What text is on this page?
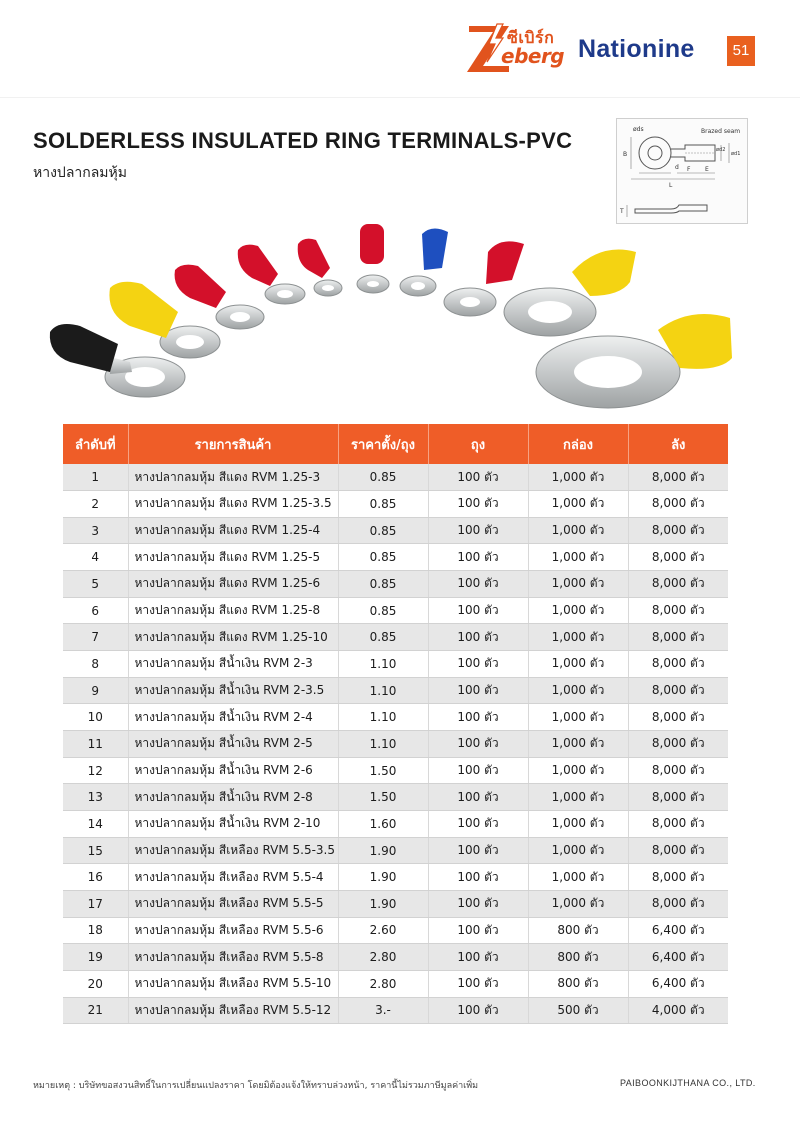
ซีเบิร์ก
eberg Nationine	51
SOLDERLESS INSULATED RING TERMINALS-PVC
หางปลากลมหุ้ม
øds	Brazed seam
B
d
ød2
ød1
F E
L
T
ลำดับที่	รายการสินค้า	ราคาตั้ง/ถุง	ถุง	กล่อง	ลัง
1	หางปลากลมหุ้ม สีแดง RVM 1.25-3	0.85	100 ตัว	1,000 ตัว	8,000 ตัว
2	หางปลากลมหุ้ม สีแดง RVM 1.25-3.5	0.85	100 ตัว	1,000 ตัว	8,000 ตัว
3	หางปลากลมหุ้ม สีแดง RVM 1.25-4	0.85	100 ตัว	1,000 ตัว	8,000 ตัว
4	หางปลากลมหุ้ม สีแดง RVM 1.25-5	0.85	100 ตัว	1,000 ตัว	8,000 ตัว
5	หางปลากลมหุ้ม สีแดง RVM 1.25-6	0.85	100 ตัว	1,000 ตัว	8,000 ตัว
6	หางปลากลมหุ้ม สีแดง RVM 1.25-8	0.85	100 ตัว	1,000 ตัว	8,000 ตัว
7	หางปลากลมหุ้ม สีแดง RVM 1.25-10	0.85	100 ตัว	1,000 ตัว	8,000 ตัว
8	หางปลากลมหุ้ม สีน้ำเงิน RVM 2-3	1.10	100 ตัว	1,000 ตัว	8,000 ตัว
9	หางปลากลมหุ้ม สีน้ำเงิน RVM 2-3.5	1.10	100 ตัว	1,000 ตัว	8,000 ตัว
10	หางปลากลมหุ้ม สีน้ำเงิน RVM 2-4	1.10	100 ตัว	1,000 ตัว	8,000 ตัว
11	หางปลากลมหุ้ม สีน้ำเงิน RVM 2-5	1.10	100 ตัว	1,000 ตัว	8,000 ตัว
12	หางปลากลมหุ้ม สีน้ำเงิน RVM 2-6	1.50	100 ตัว	1,000 ตัว	8,000 ตัว
13	หางปลากลมหุ้ม สีน้ำเงิน RVM 2-8	1.50	100 ตัว	1,000 ตัว	8,000 ตัว
14	หางปลากลมหุ้ม สีน้ำเงิน RVM 2-10	1.60	100 ตัว	1,000 ตัว	8,000 ตัว
15	หางปลากลมหุ้ม สีเหลือง RVM 5.5-3.5	1.90	100 ตัว	1,000 ตัว	8,000 ตัว
16	หางปลากลมหุ้ม สีเหลือง RVM 5.5-4	1.90	100 ตัว	1,000 ตัว	8,000 ตัว
17	หางปลากลมหุ้ม สีเหลือง RVM 5.5-5	1.90	100 ตัว	1,000 ตัว	8,000 ตัว
18	หางปลากลมหุ้ม สีเหลือง RVM 5.5-6	2.60	100 ตัว	800 ตัว	6,400 ตัว
19	หางปลากลมหุ้ม สีเหลือง RVM 5.5-8	2.80	100 ตัว	800 ตัว	6,400 ตัว
20	หางปลากลมหุ้ม สีเหลือง RVM 5.5-10	2.80	100 ตัว	800 ตัว	6,400 ตัว
21	หางปลากลมหุ้ม สีเหลือง RVM 5.5-12	3.-	100 ตัว	500 ตัว	4,000 ตัว
หมายเหตุ : บริษัทขอสงวนสิทธิ์ในการเปลี่ยนแปลงราคา โดยมิต้องแจ้งให้ทราบล่วงหน้า, ราคานี้ไม่รวมภาษีมูลค่าเพิ่ม	PAIBOONKIJTHANA CO., LTD.
